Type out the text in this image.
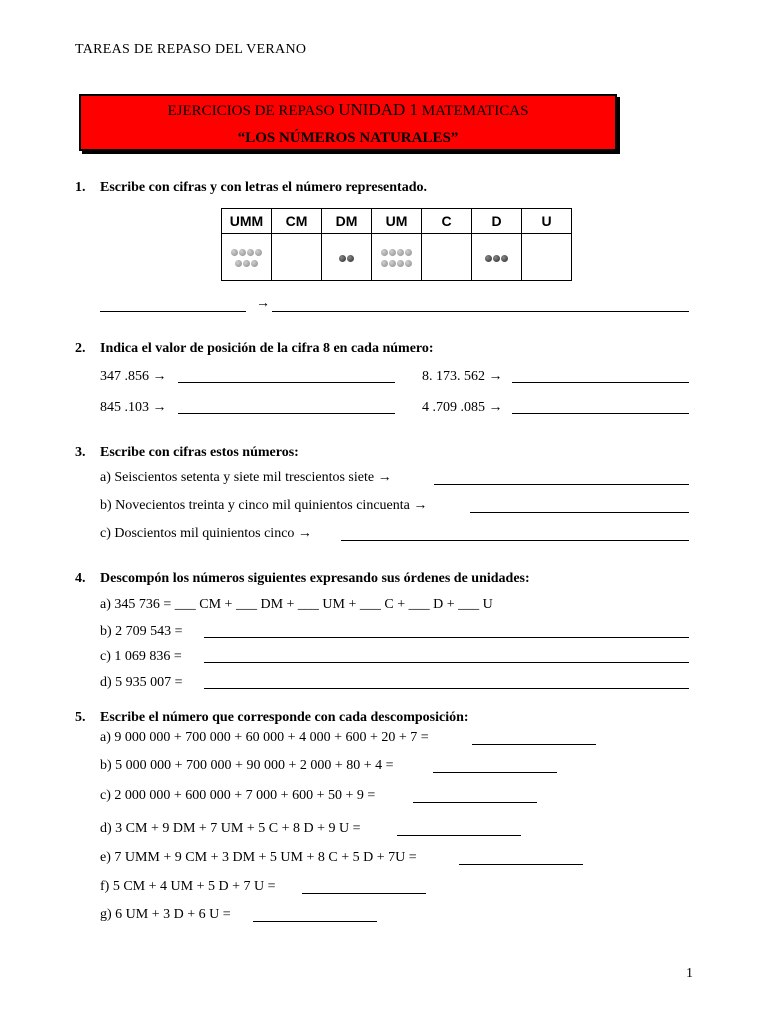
TAREAS DE REPASO DEL VERANO
EJERCICIOS DE REPASO UNIDAD 1 MATEMATICAS
“LOS NÚMEROS NATURALES”
1. Escribe con cifras y con letras el número representado.
UMM	CM	DM	UM	C	D	U

→
2. Indica el valor de posición de la cifra 8 en cada número:
347 .856 →	8. 173. 562 →
845 .103 →	4 .709 .085 →
3. Escribe con cifras estos números:
a) Seiscientos setenta y siete mil trescientos siete →
b) Novecientos treinta y cinco mil quinientos cincuenta →
c) Doscientos mil quinientos cinco →
4. Descompón los números siguientes expresando sus órdenes de unidades:
a) 345 736 = ___ CM + ___ DM + ___ UM + ___ C + ___ D + ___ U
b) 2 709 543 =
c) 1 069 836 =
d) 5 935 007 =
5. Escribe el número que corresponde con cada descomposición:
a) 9 000 000 + 700 000 + 60 000 + 4 000 + 600 + 20 + 7 =
b) 5 000 000 + 700 000 + 90 000 + 2 000 + 80 + 4 =
c) 2 000 000 + 600 000 + 7 000 + 600 + 50 + 9 =
d) 3 CM + 9 DM + 7 UM + 5 C + 8 D + 9 U =
e) 7 UMM + 9 CM + 3 DM + 5 UM + 8 C + 5 D + 7U =
f) 5 CM + 4 UM + 5 D + 7 U =
g) 6 UM + 3 D + 6 U =
1
